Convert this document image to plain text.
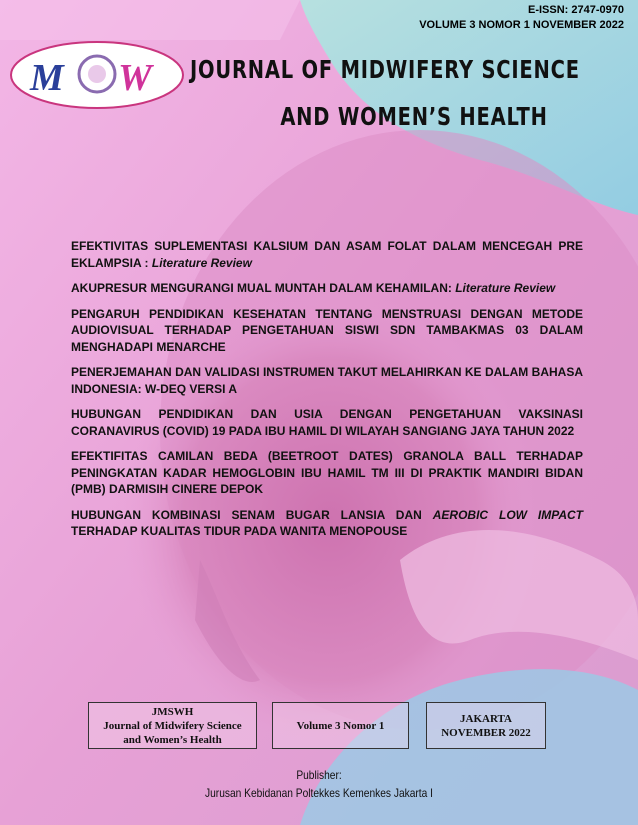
E-ISSN: 2747-0970
VOLUME 3 NOMOR 1 NOVEMBER 2022
M W JOURNAL OF MIDWIFERY SCIENCE
AND WOMEN’S HEALTH
EFEKTIVITAS SUPLEMENTASI KALSIUM DAN ASAM FOLAT DALAM MENCEGAH PRE EKLAMPSIA : Literature Review
AKUPRESUR MENGURANGI MUAL MUNTAH DALAM KEHAMILAN: Literature Review
PENGARUH PENDIDIKAN KESEHATAN TENTANG MENSTRUASI DENGAN METODE AUDIOVISUAL TERHADAP PENGETAHUAN SISWI SDN TAMBAKMAS 03 DALAM MENGHADAPI MENARCHE
PENERJEMAHAN DAN VALIDASI INSTRUMEN TAKUT MELAHIRKAN KE DALAM BAHASA INDONESIA: W-DEQ VERSI A
HUBUNGAN PENDIDIKAN DAN USIA DENGAN PENGETAHUAN VAKSINASI CORANAVIRUS (COVID) 19 PADA IBU HAMIL DI WILAYAH SANGIANG JAYA TAHUN 2022
EFEKTIFITAS CAMILAN BEDA (BEETROOT DATES) GRANOLA BALL TERHADAP PENINGKATAN KADAR HEMOGLOBIN IBU HAMIL TM III DI PRAKTIK MANDIRI BIDAN (PMB) DARMISIH CINERE DEPOK
HUBUNGAN KOMBINASI SENAM BUGAR LANSIA DAN AEROBIC LOW IMPACT TERHADAP KUALITAS TIDUR PADA WANITA MENOPOUSE
JMSWH
Journal of Midwifery Science
and Women’s Health
Volume 3 Nomor 1
JAKARTA
NOVEMBER 2022
Publisher:
Jurusan Kebidanan Poltekkes Kemenkes Jakarta I
